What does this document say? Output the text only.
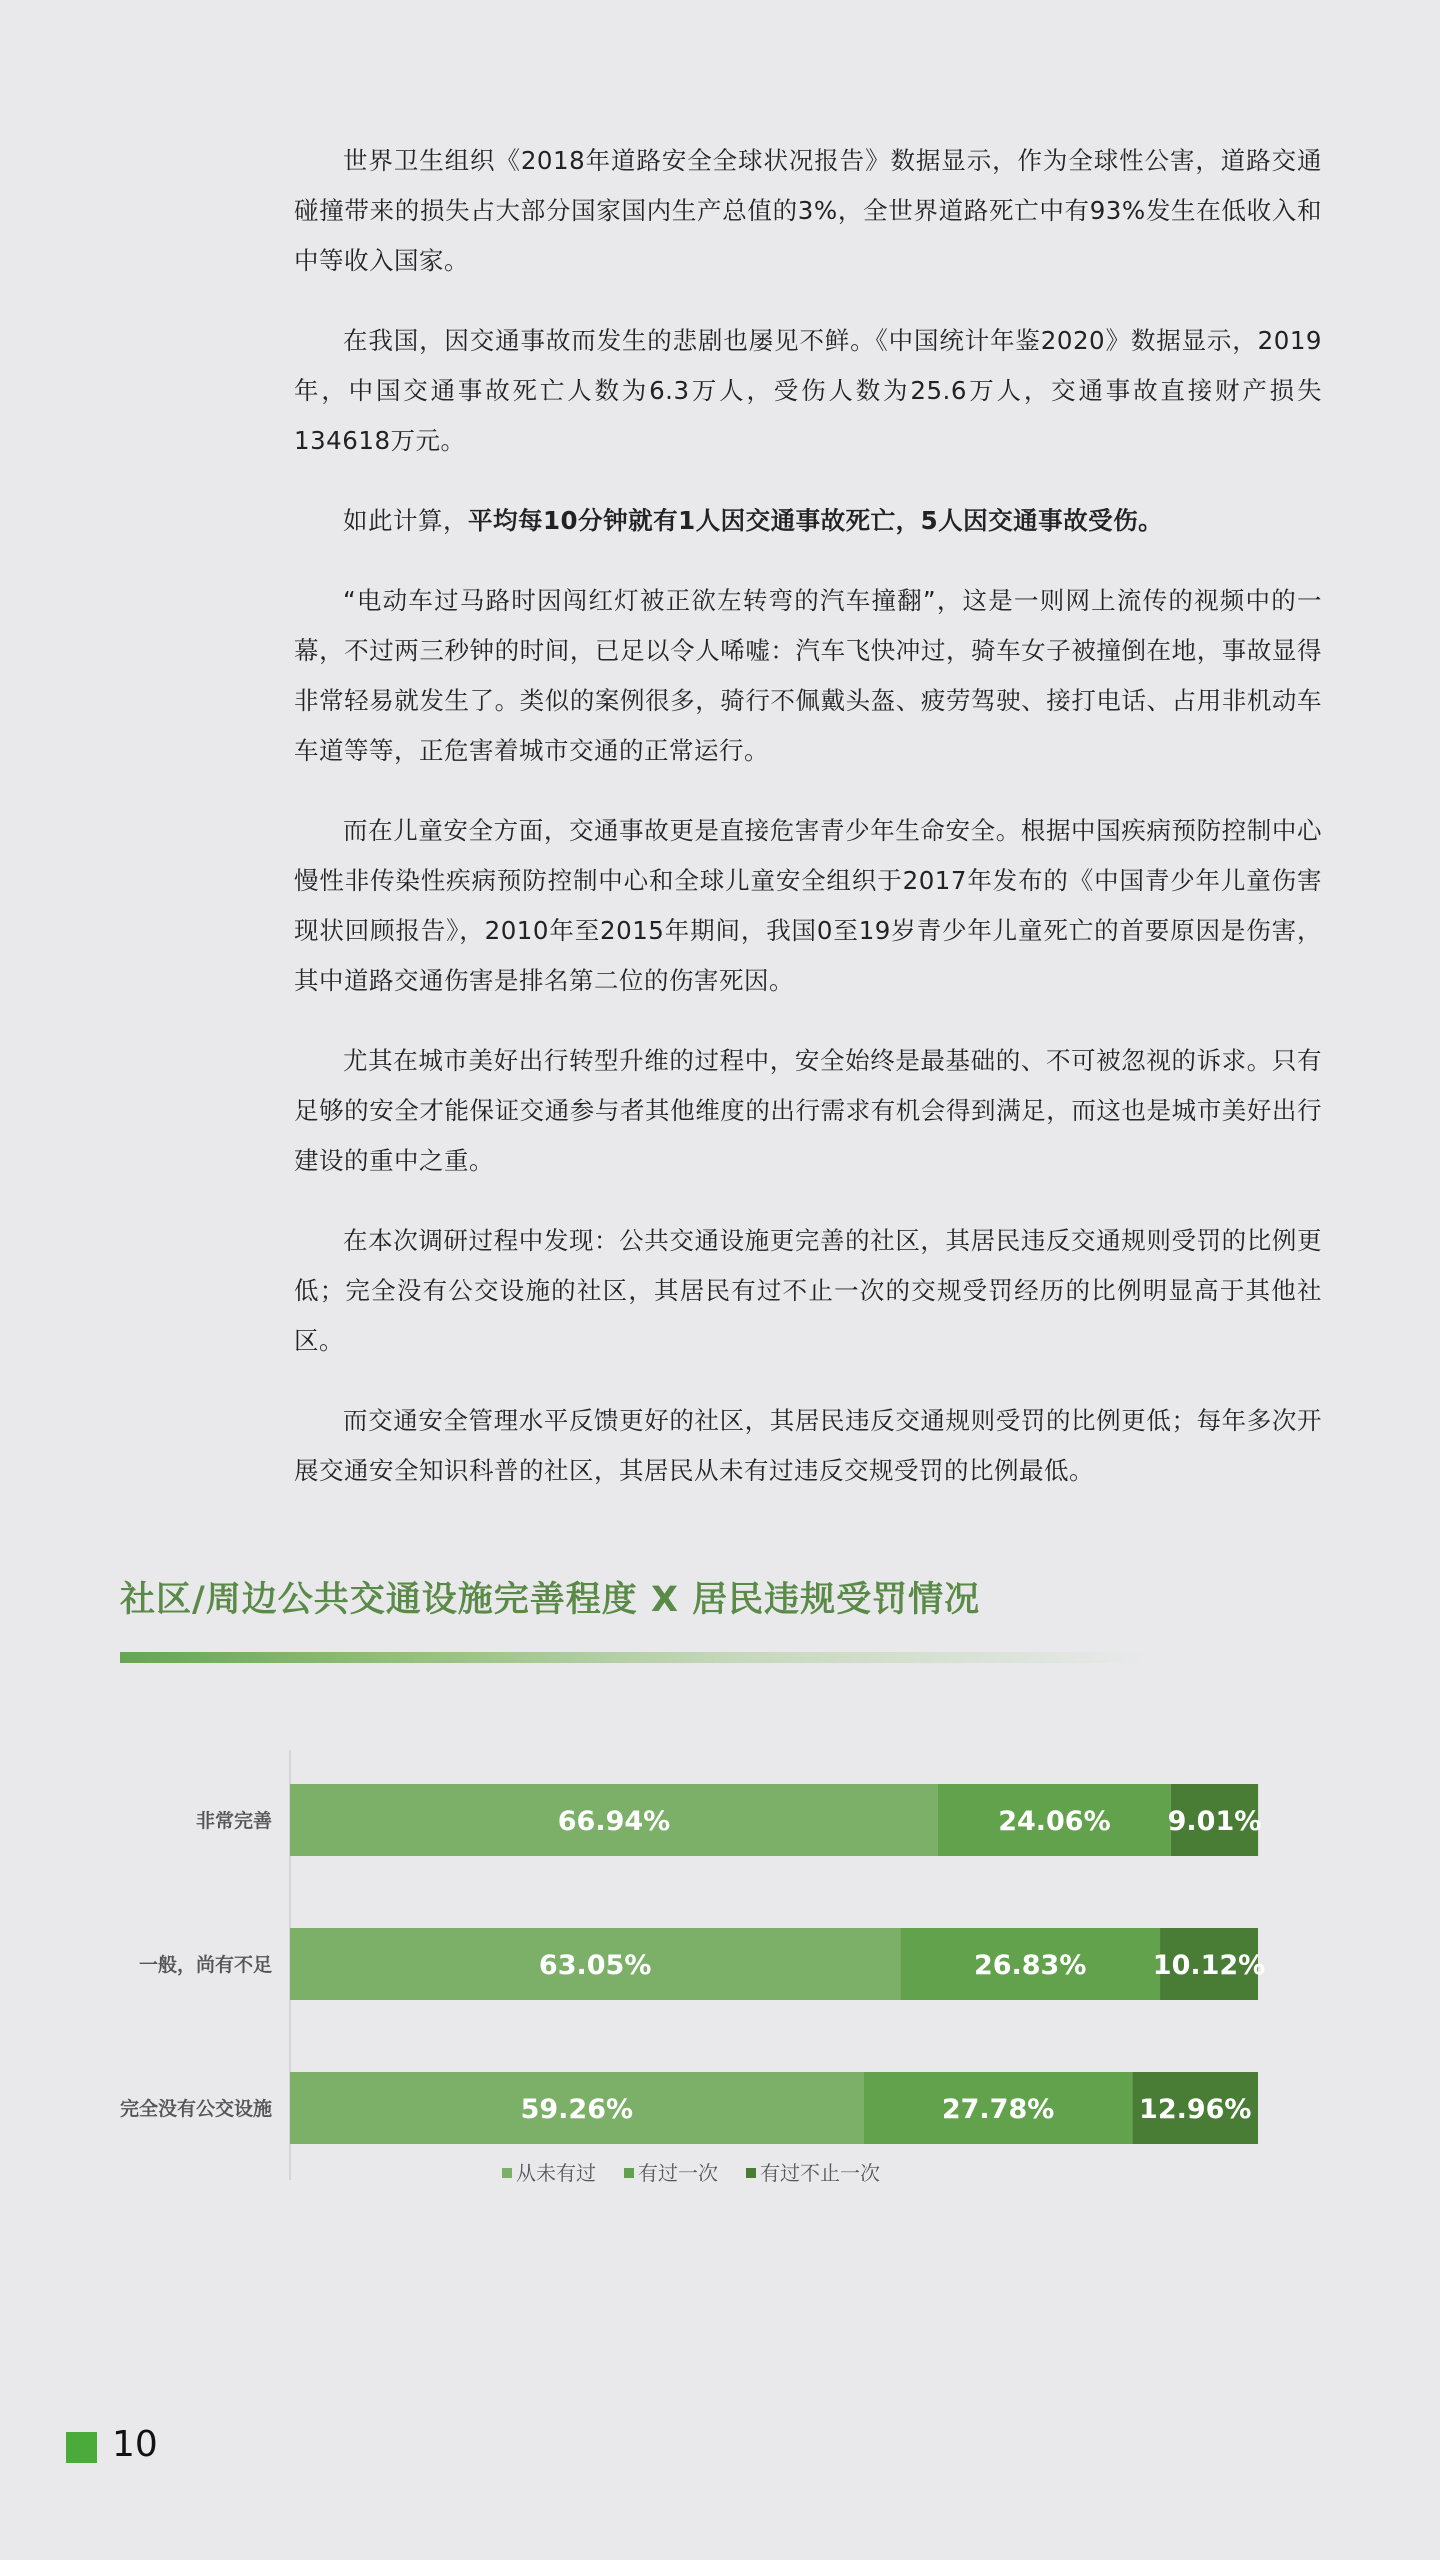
世界卫生组织《2018年道路安全全球状况报告》数据显示，作为全球性公害，道路交通碰撞带来的损失占大部分国家国内生产总值的3%，全世界道路死亡中有93%发生在低收入和中等收入国家。

在我国，因交通事故而发生的悲剧也屡见不鲜。《中国统计年鉴2020》数据显示，2019年，中国交通事故死亡人数为6.3万人，受伤人数为25.6万人，交通事故直接财产损失134618万元。

如此计算，平均每10分钟就有1人因交通事故死亡，5人因交通事故受伤。

“电动车过马路时因闯红灯被正欲左转弯的汽车撞翻”，这是一则网上流传的视频中的一幕，不过两三秒钟的时间，已足以令人唏嘘：汽车飞快冲过，骑车女子被撞倒在地，事故显得非常轻易就发生了。类似的案例很多，骑行不佩戴头盔、疲劳驾驶、接打电话、占用非机动车车道等等，正危害着城市交通的正常运行。

而在儿童安全方面，交通事故更是直接危害青少年生命安全。根据中国疾病预防控制中心慢性非传染性疾病预防控制中心和全球儿童安全组织于2017年发布的《中国青少年儿童伤害现状回顾报告》，2010年至2015年期间，我国0至19岁青少年儿童死亡的首要原因是伤害，其中道路交通伤害是排名第二位的伤害死因。

尤其在城市美好出行转型升维的过程中，安全始终是最基础的、不可被忽视的诉求。只有足够的安全才能保证交通参与者其他维度的出行需求有机会得到满足，而这也是城市美好出行建设的重中之重。

在本次调研过程中发现：公共交通设施更完善的社区，其居民违反交通规则受罚的比例更低；完全没有公交设施的社区，其居民有过不止一次的交规受罚经历的比例明显高于其他社区。

而交通安全管理水平反馈更好的社区，其居民违反交通规则受罚的比例更低；每年多次开展交通安全知识科普的社区，其居民从未有过违反交规受罚的比例最低。

社区/周边公共交通设施完善程度 X 居民违规受罚情况
非常完善	66.94%	24.06% 9.01%
一般，尚有不足	63.05%	26.83% 10.12%
完全没有公交设施	59.26%	27.78%	12.96%
从未有过 有过一次 有过不止一次
10
